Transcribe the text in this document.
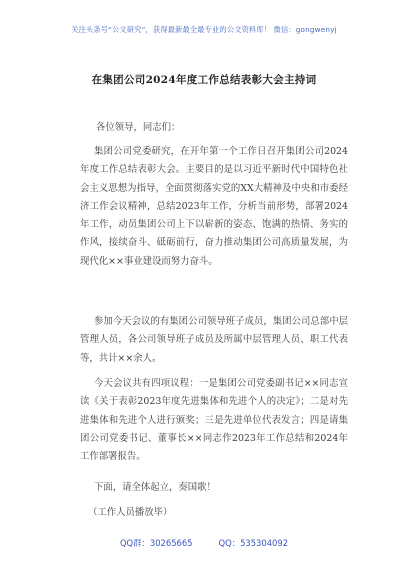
关注头条号“公文研究”，获得最新最全最专业的公文资料库！ 微信：gongwenyj
在集团公司2024年度工作总结表彰大会主持词
各位领导，同志们：
集团公司党委研究，在开年第一个工作日召开集团公司2024年度工作总结表彰大会。主要目的是以习近平新时代中国特色社会主义思想为指导，全面贯彻落实党的XX大精神及中央和市委经济工作会议精神，总结2023年工作，分析当前形势，部署2024年工作，动员集团公司上下以崭新的姿态、饱满的热情、务实的作风，接续奋斗、砥砺前行，奋力推动集团公司高质量发展，为现代化××事业建设而努力奋斗。
参加今天会议的有集团公司领导班子成员，集团公司总部中层管理人员，各公司领导班子成员及所属中层管理人员、职工代表等，共计××余人。
今天会议共有四项议程：一是集团公司党委副书记××同志宣读《关于表彰2023年度先进集体和先进个人的决定》；二是对先进集体和先进个人进行颁奖；三是先进单位代表发言；四是请集团公司党委书记、董事长××同志作2023年工作总结和2024年工作部署报告。
下面，请全体起立，奏国歌！
（工作人员播放毕）
QQ群：30265665	QQ：535304092
